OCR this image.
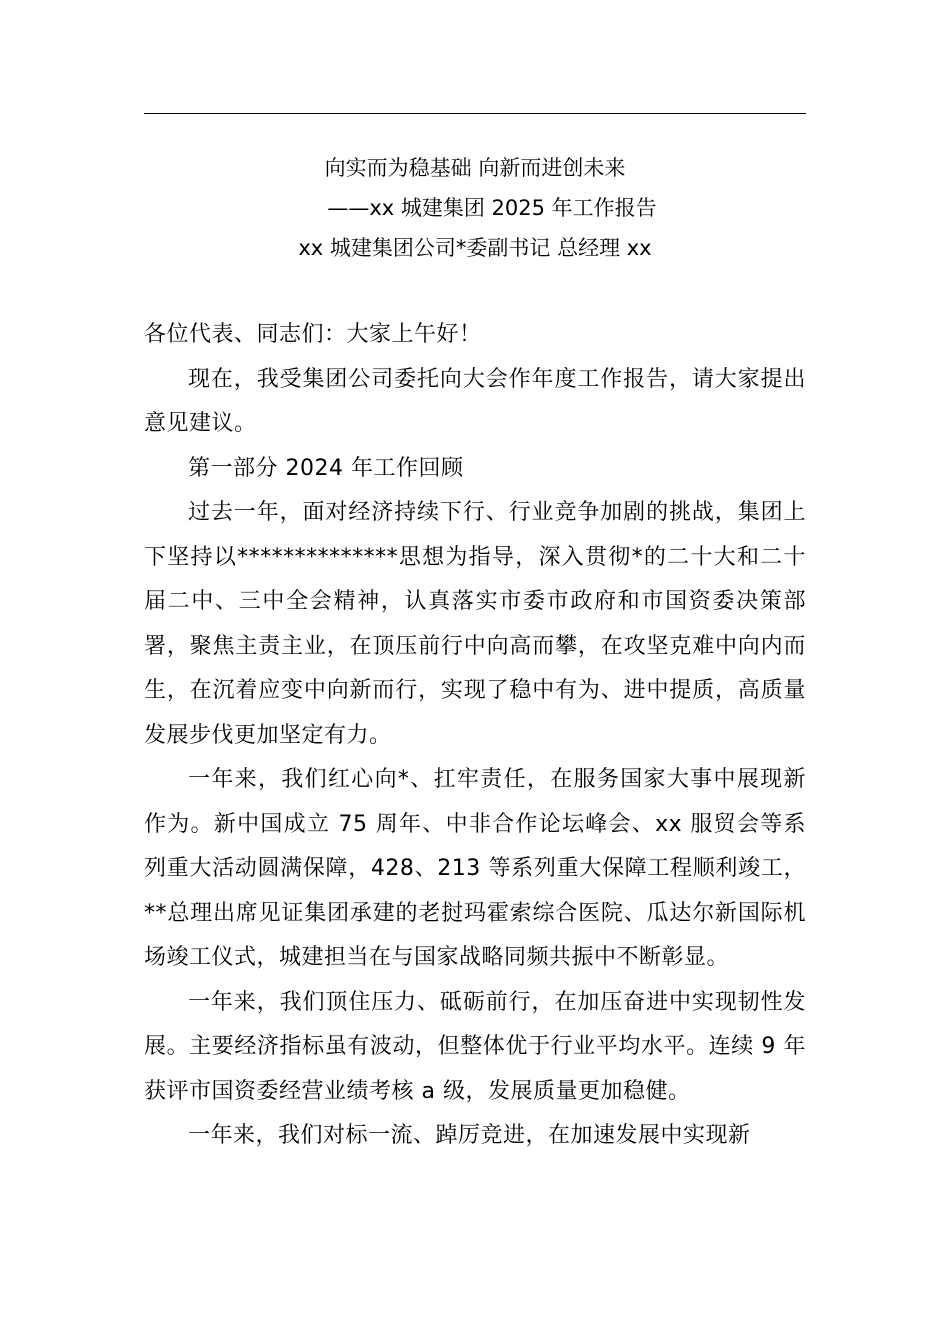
向实而为稳基础 向新而进创未来
——xx 城建集团 2025 年工作报告
xx 城建集团公司*委副书记 总经理 xx

各位代表、同志们：大家上午好！

现在，我受集团公司委托向大会作年度工作报告，请大家提出意见建议。

第一部分 2024 年工作回顾

过去一年，面对经济持续下行、行业竞争加剧的挑战，集团上下坚持以**************思想为指导，深入贯彻*的二十大和二十届二中、三中全会精神，认真落实市委市政府和市国资委决策部署，聚焦主责主业，在顶压前行中向高而攀，在攻坚克难中向内而生，在沉着应变中向新而行，实现了稳中有为、进中提质，高质量发展步伐更加坚定有力。

一年来，我们红心向*、扛牢责任，在服务国家大事中展现新作为。新中国成立 75 周年、中非合作论坛峰会、xx 服贸会等系列重大活动圆满保障，428、213 等系列重大保障工程顺利竣工，**总理出席见证集团承建的老挝玛霍索综合医院、瓜达尔新国际机场竣工仪式，城建担当在与国家战略同频共振中不断彰显。

一年来，我们顶住压力、砥砺前行，在加压奋进中实现韧性发展。主要经济指标虽有波动，但整体优于行业平均水平。连续 9 年获评市国资委经营业绩考核 a 级，发展质量更加稳健。

一年来，我们对标一流、踔厉竞进，在加速发展中实现新
